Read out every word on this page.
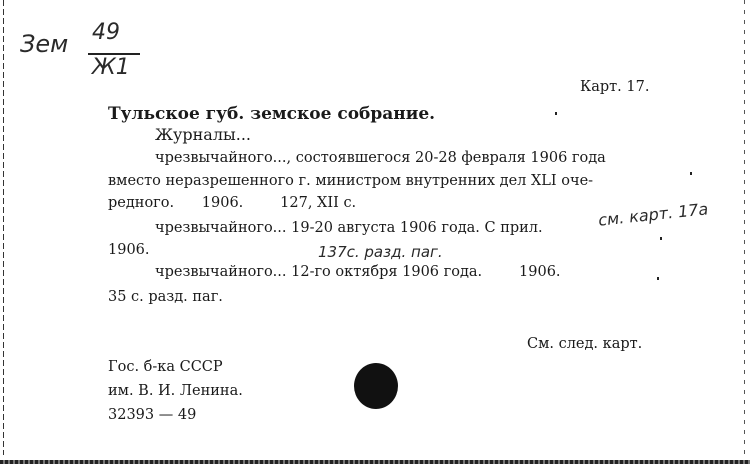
Зем 49
Ж1
Карт. 17.
Тульское губ. земское собрание.
Журналы...
чрезвычайного..., состоявшегося 20-28 февраля 1906 года
вместо неразрешенного г. министром внутренних дел XLI оче-
редного.      1906.        127, XII с.
чрезвычайного... 19-20 августа 1906 года. С прил.	см. карт. 17а
1906.	137с. разд. паг.
чрезвычайного... 12-го октября 1906 года.        1906.
35 с. разд. паг.
См. след. карт.
Гос. б-ка СССР
им. В. И. Ленина.
32393 — 49
